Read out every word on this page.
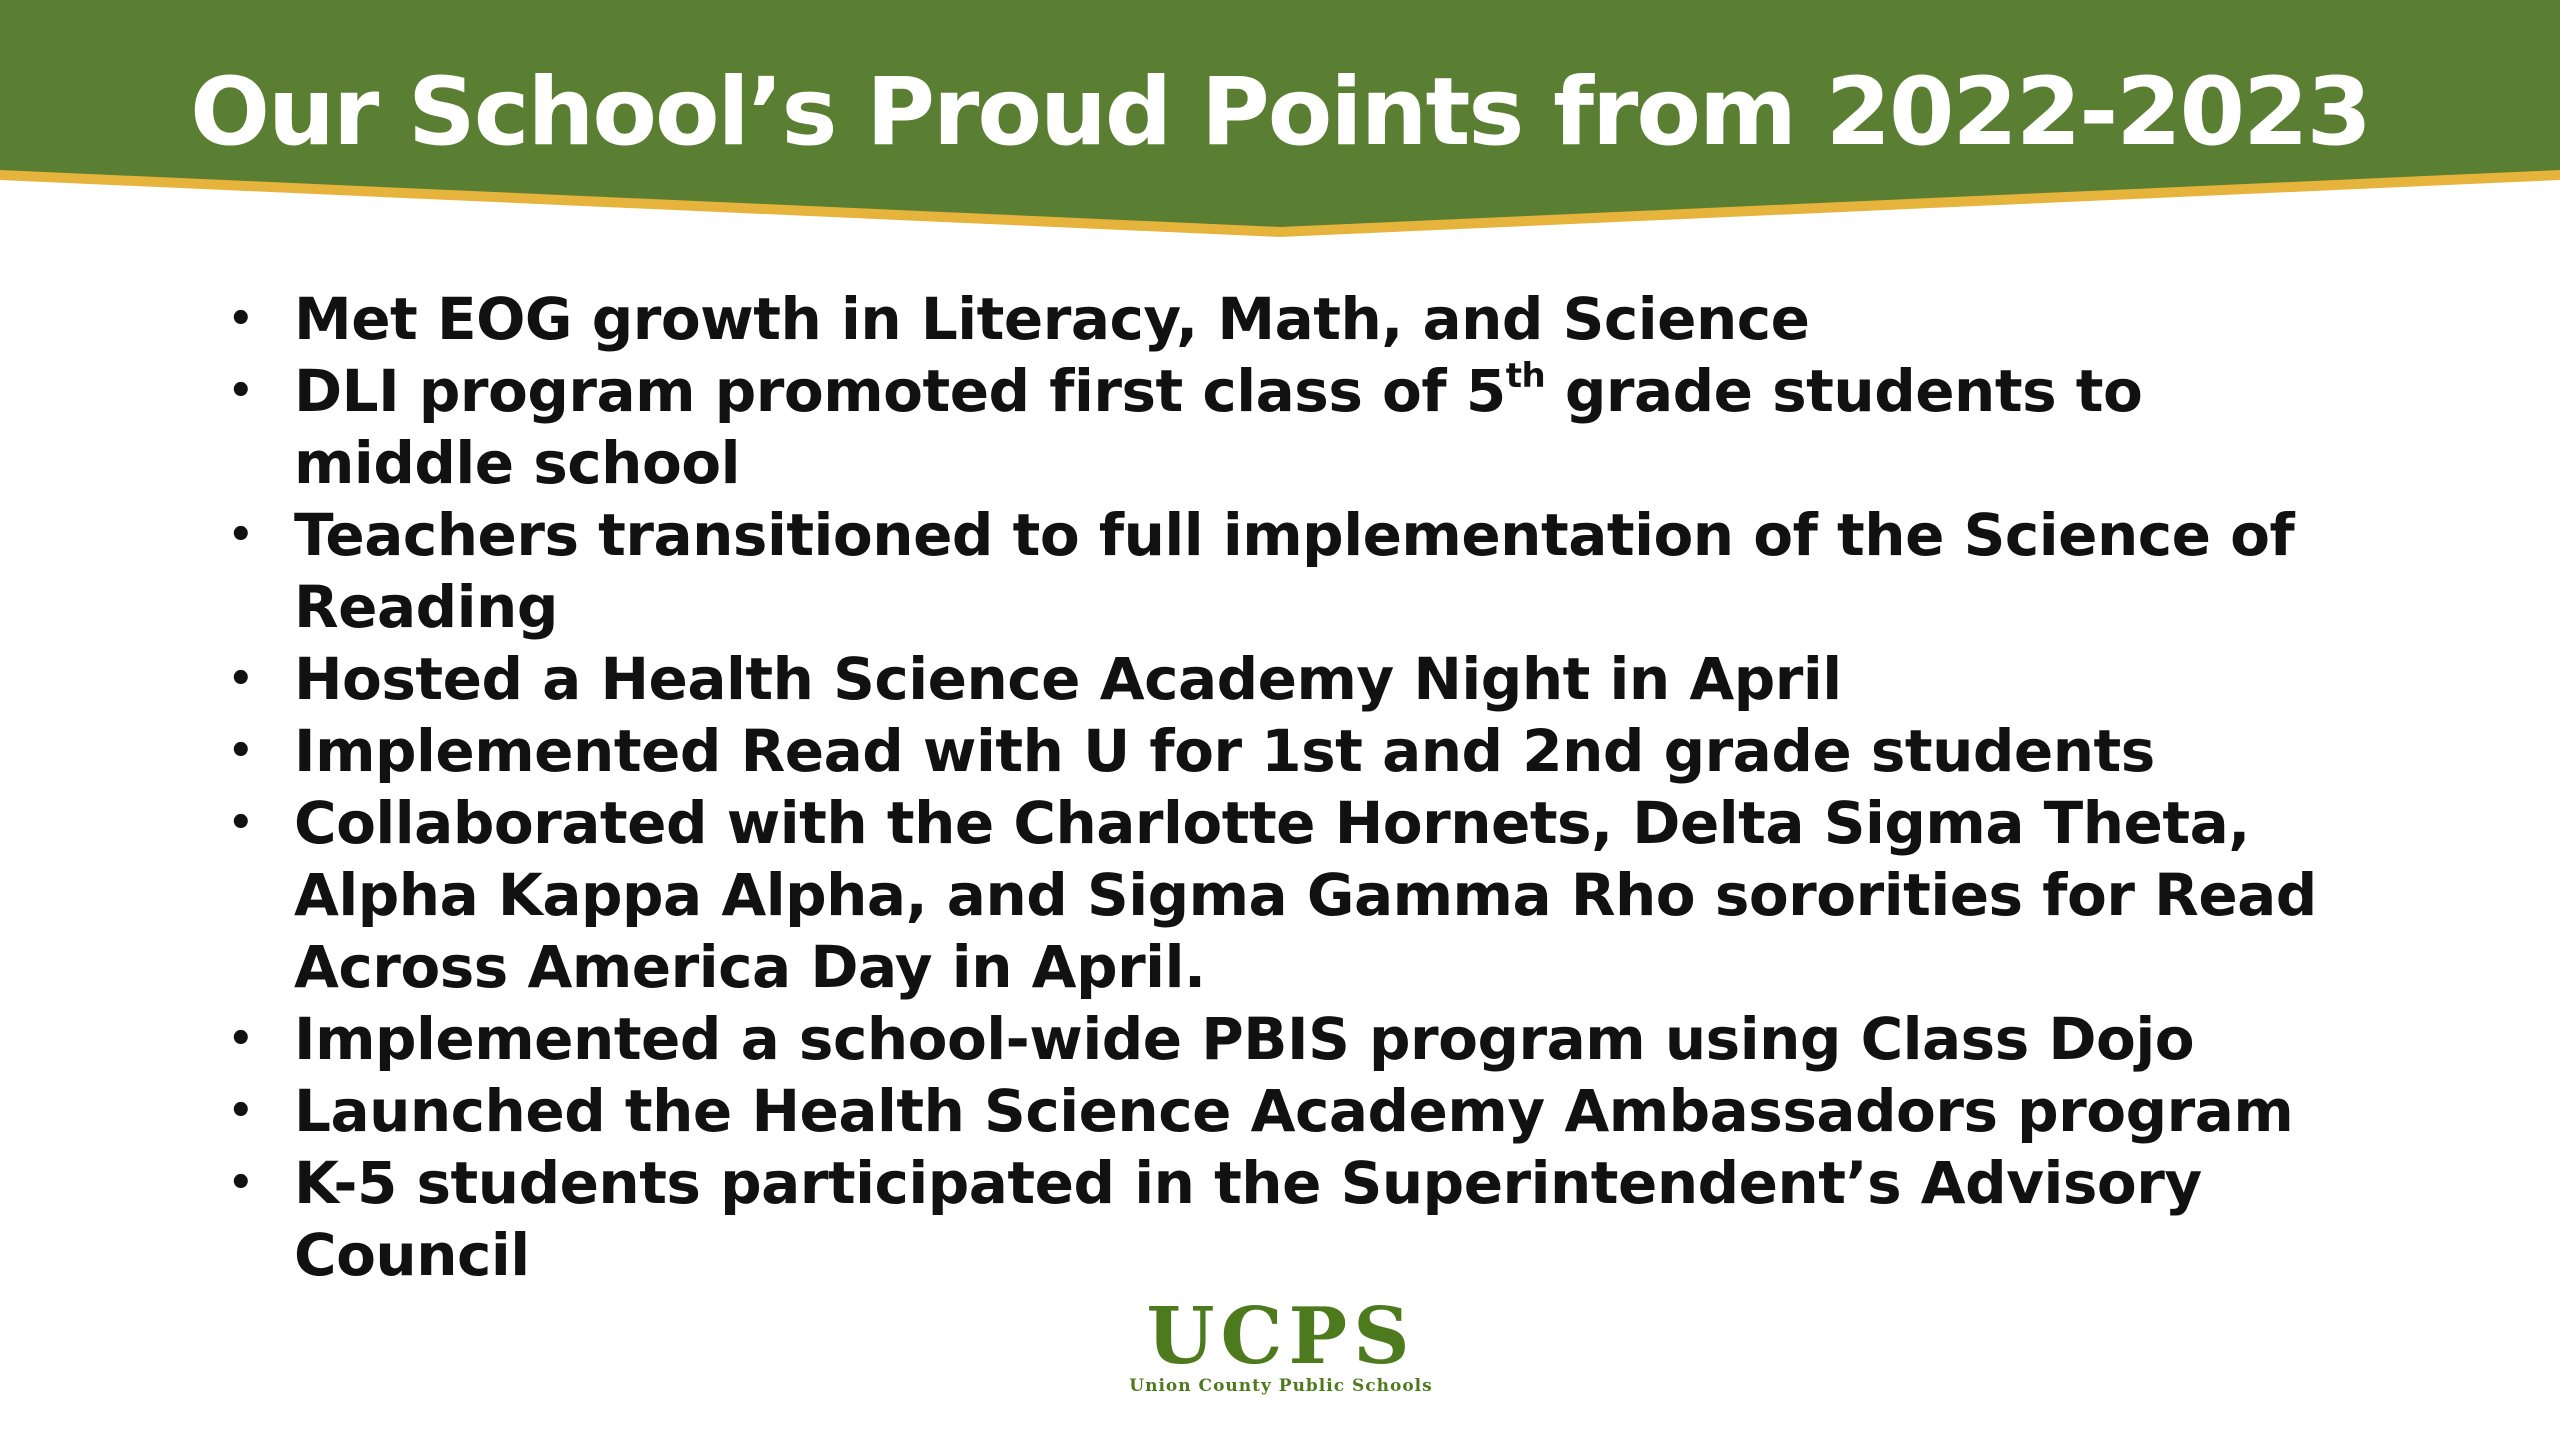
Our School’s Proud Points from 2022-2023
• Met EOG growth in Literacy, Math, and Science
• DLI program promoted first class of 5th grade students to middle school
• Teachers transitioned to full implementation of the Science of Reading
• Hosted a Health Science Academy Night in April
• Implemented Read with U for 1st and 2nd grade students
• Collaborated with the Charlotte Hornets, Delta Sigma Theta, Alpha Kappa Alpha, and Sigma Gamma Rho sororities for Read Across America Day in April.
• Implemented a school-wide PBIS program using Class Dojo
• Launched the Health Science Academy Ambassadors program
• K-5 students participated in the Superintendent’s Advisory Council
UCPS
Union County Public Schools
